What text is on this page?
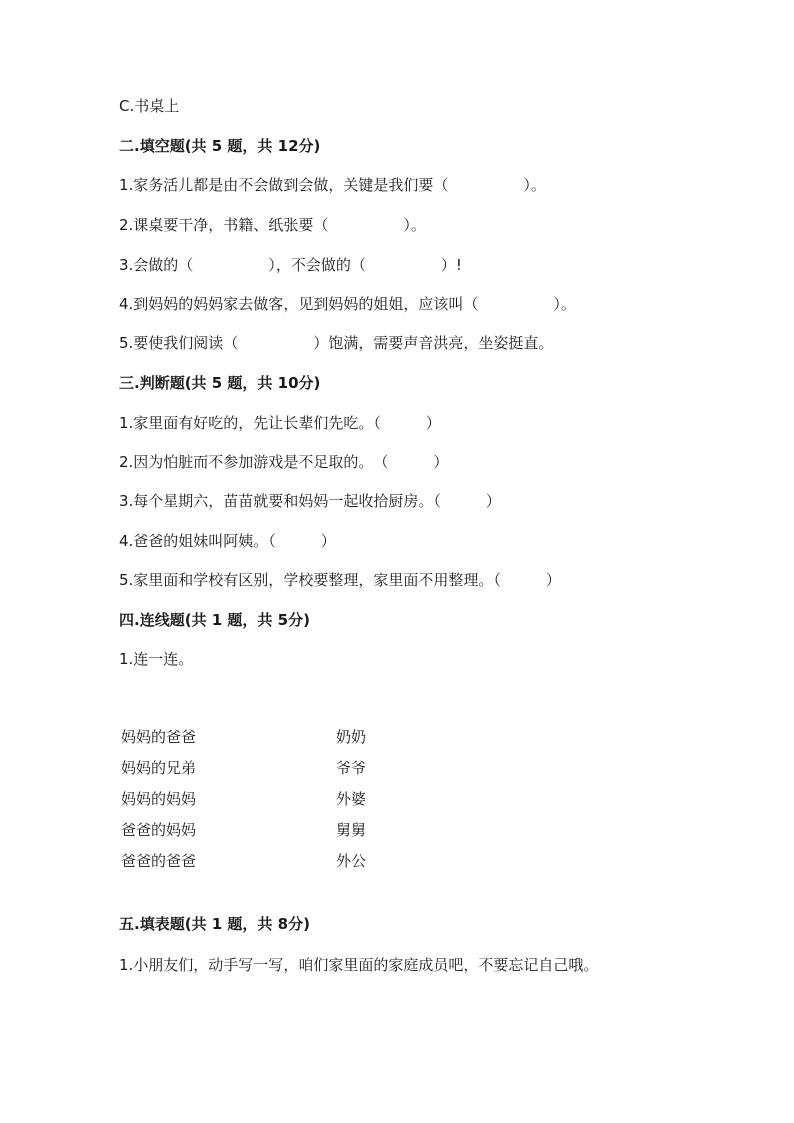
C.书桌上
二.填空题(共 5 题，共 12分)
1.家务活儿都是由不会做到会做，关键是我们要（　　　　　）。
2.课桌要干净，书籍、纸张要（　　　　　）。
3.会做的（　　　　　），不会做的（　　　　　）!
4.到妈妈的妈妈家去做客，见到妈妈的姐姐，应该叫（　　　　　）。
5.要使我们阅读（　　　　　）饱满，需要声音洪亮，坐姿挺直。
三.判断题(共 5 题，共 10分)
1.家里面有好吃的，先让长辈们先吃。（　　　）
2.因为怕脏而不参加游戏是不足取的。　（　　　）
3.每个星期六，苗苗就要和妈妈一起收拾厨房。（　　　）
4.爸爸的姐妹叫阿姨。（　　　）
5.家里面和学校有区别，学校要整理，家里面不用整理。（　　　）
四.连线题(共 1 题，共 5分)
1.连一连。
妈妈的爸爸
妈妈的兄弟
妈妈的妈妈
爸爸的妈妈
爸爸的爸爸
奶奶
爷爷
外婆
舅舅
外公
五.填表题(共 1 题，共 8分)
1.小朋友们，动手写一写，咱们家里面的家庭成员吧，不要忘记自己哦。
